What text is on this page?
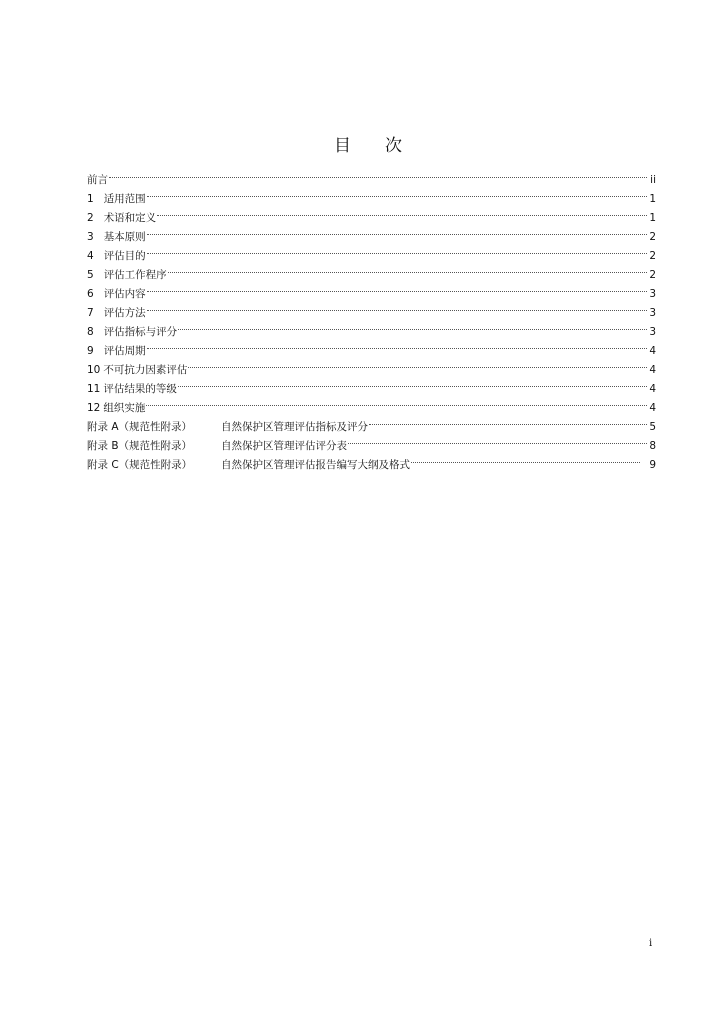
目　　次
前言	ii
1 适用范围	1
2 术语和定义	1
3 基本原则	2
4 评估目的	2
5 评估工作程序	2
6 评估内容	3
7 评估方法	3
8 评估指标与评分	3
9 评估周期	4
10 不可抗力因素评估	4
11 评估结果的等级	4
12 组织实施	4
附录 A（规范性附录）	自然保护区管理评估指标及评分	5
附录 B（规范性附录）	自然保护区管理评估评分表	8
附录 C（规范性附录）	自然保护区管理评估报告编写大纲及格式	9
i
